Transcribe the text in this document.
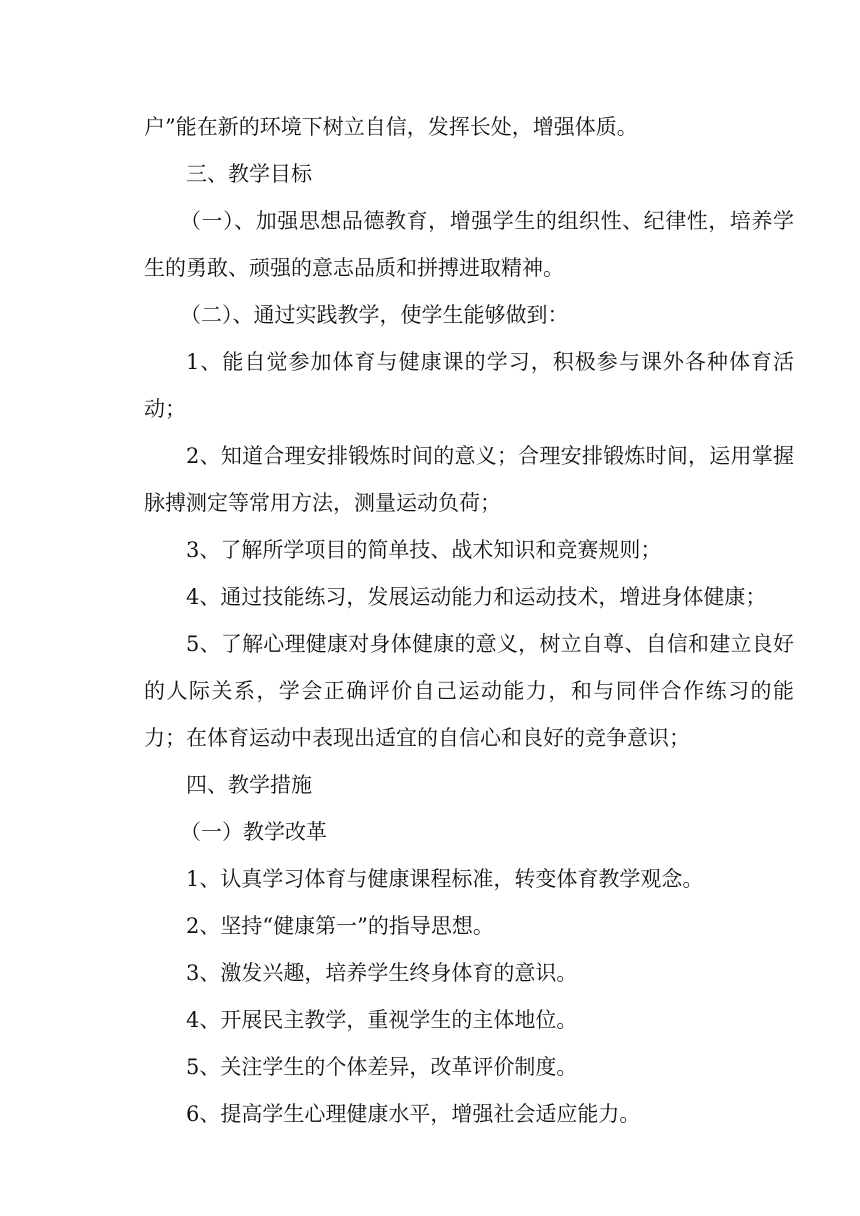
户”能在新的环境下树立自信，发挥长处，增强体质。

三、教学目标

（一）、加强思想品德教育，增强学生的组织性、纪律性，培养学生的勇敢、顽强的意志品质和拼搏进取精神。

（二）、通过实践教学，使学生能够做到：

1、能自觉参加体育与健康课的学习，积极参与课外各种体育活动；

2、知道合理安排锻炼时间的意义；合理安排锻炼时间，运用掌握脉搏测定等常用方法，测量运动负荷；

3、了解所学项目的简单技、战术知识和竞赛规则；

4、通过技能练习，发展运动能力和运动技术，增进身体健康；

5、了解心理健康对身体健康的意义，树立自尊、自信和建立良好的人际关系，学会正确评价自己运动能力，和与同伴合作练习的能力；在体育运动中表现出适宜的自信心和良好的竞争意识；

四、教学措施

（一）教学改革

1、认真学习体育与健康课程标准，转变体育教学观念。

2、坚持“健康第一”的指导思想。

3、激发兴趣，培养学生终身体育的意识。

4、开展民主教学，重视学生的主体地位。

5、关注学生的个体差异，改革评价制度。

6、提高学生心理健康水平，增强社会适应能力。
